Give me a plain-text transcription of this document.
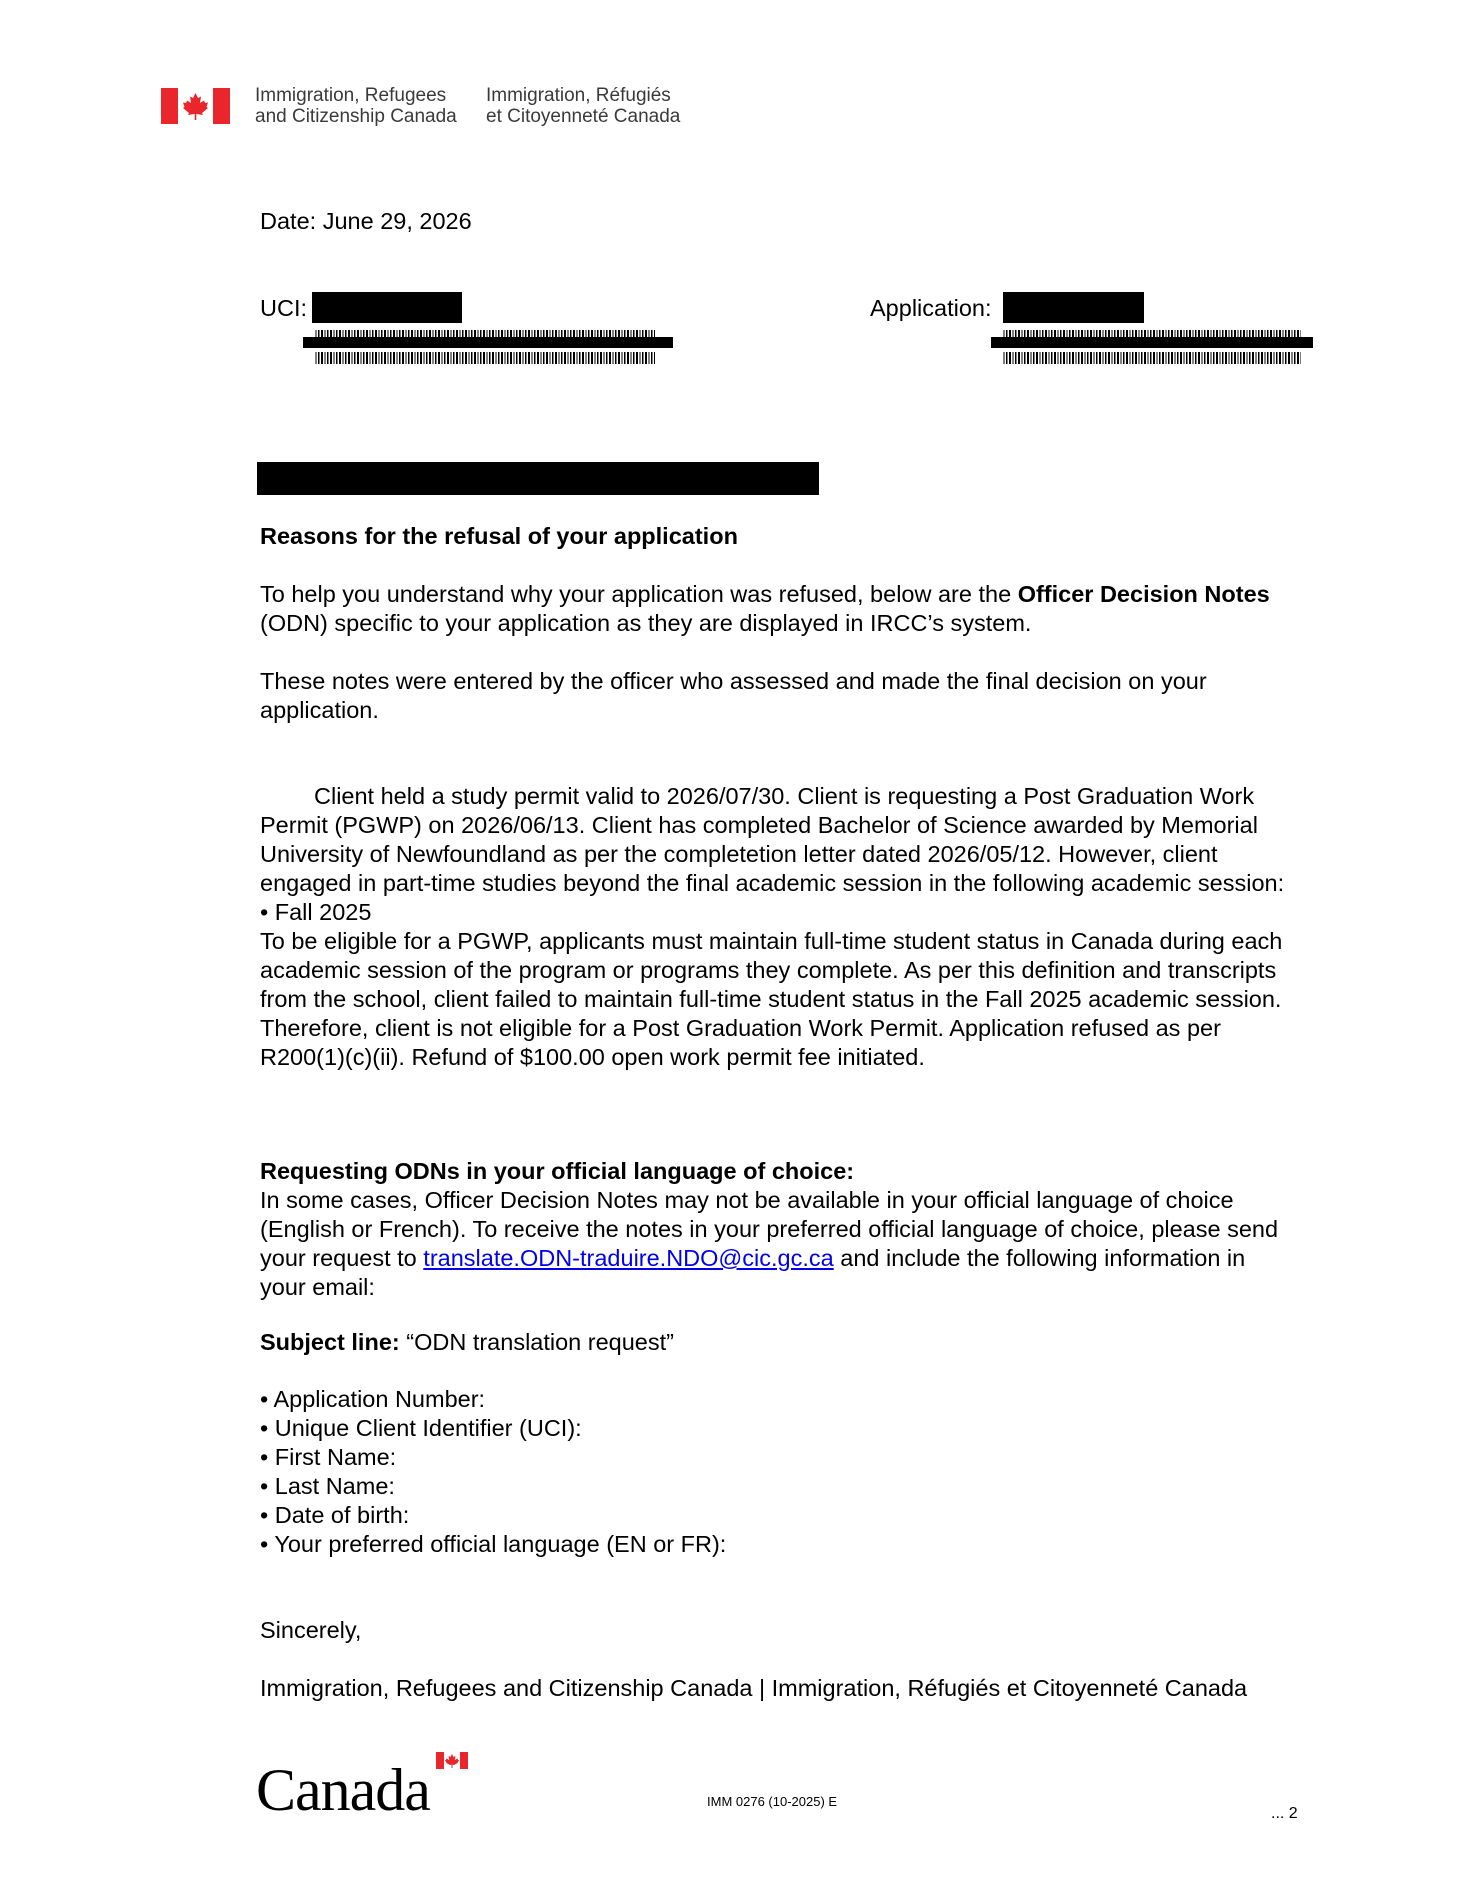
Immigration, Refugees
and Citizenship Canada
Immigration, Réfugiés
et Citoyenneté Canada
Date: June 29, 2026
UCI:	Application:
Reasons for the refusal of your application
To help you understand why your application was refused, below are the Officer Decision Notes (ODN) specific to your application as they are displayed in IRCC’s system.
These notes were entered by the officer who assessed and made the final decision on your application.

Client held a study permit valid to 2026/07/30. Client is requesting a Post Graduation Work Permit (PGWP) on 2026/06/13. Client has completed Bachelor of Science awarded by Memorial University of Newfoundland as per the completetion letter dated 2026/05/12. However, client engaged in part-time studies beyond the final academic session in the following academic session:

• Fall 2025

To be eligible for a PGWP, applicants must maintain full-time student status in Canada during each academic session of the program or programs they complete. As per this definition and transcripts from the school, client failed to maintain full-time student status in the Fall 2025 academic session. Therefore, client is not eligible for a Post Graduation Work Permit. Application refused as per R200(1)(c)(ii). Refund of $100.00 open work permit fee initiated.

Requesting ODNs in your official language of choice:

In some cases, Officer Decision Notes may not be available in your official language of choice (English or French). To receive the notes in your preferred official language of choice, please send your request to translate.ODN-traduire.NDO@cic.gc.ca and include the following information in your email:

Subject line: “ODN translation request”
• Application Number:
• Unique Client Identifier (UCI):
• First Name:
• Last Name:
• Date of birth:
• Your preferred official language (EN or FR):
Sincerely,
Immigration, Refugees and Citizenship Canada | Immigration, Réfugiés et Citoyenneté Canada
Canada	IMM 0276 (10-2025) E
... 2
